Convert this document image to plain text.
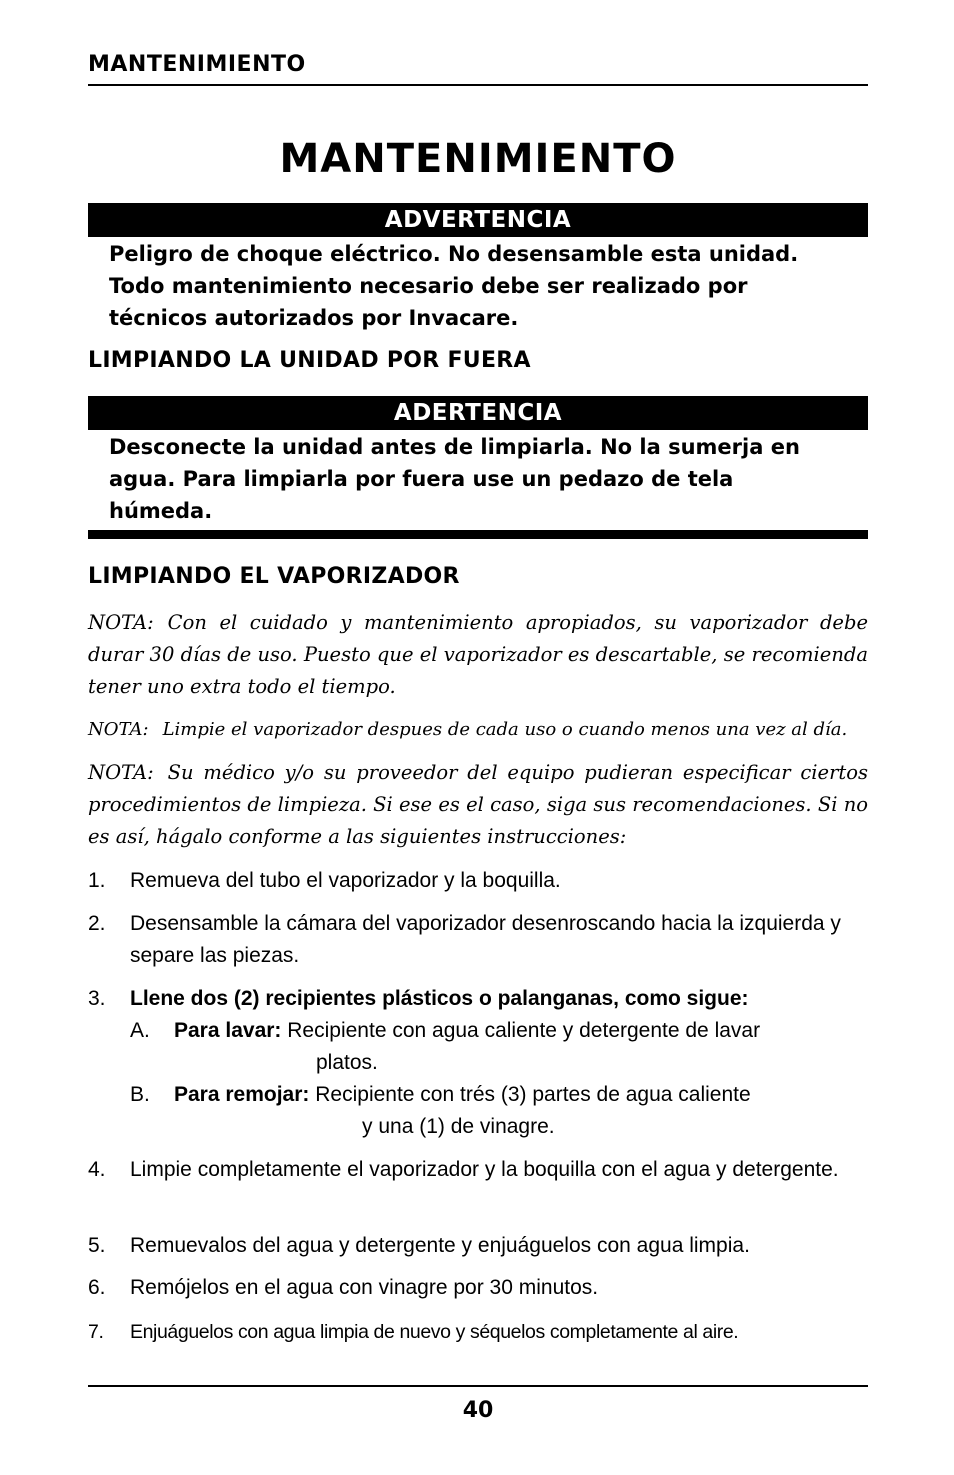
MANTENIMIENTO
MANTENIMIENTO
ADVERTENCIA
Peligro de choque eléctrico. No desensamble esta unidad.
Todo mantenimiento necesario debe ser realizado por
técnicos autorizados por Invacare.
LIMPIANDO LA UNIDAD POR FUERA
ADERTENCIA
Desconecte la unidad antes de limpiarla. No la sumerja en
agua. Para limpiarla por fuera use un pedazo de tela
húmeda.
LIMPIANDO EL VAPORIZADOR
NOTA: Con el cuidado y mantenimiento apropiados, su vaporizador debe durar 30 días de uso. Puesto que el vaporizador es descartable, se recomienda tener uno extra todo el tiempo.
NOTA: Limpie el vaporizador despues de cada uso o cuando menos una vez al día.
NOTA: Su médico y/o su proveedor del equipo pudieran especificar ciertos procedimientos de limpieza. Si ese es el caso, siga sus recomendaciones. Si no es así, hágalo conforme a las siguientes instrucciones:
1. Remueva del tubo el vaporizador y la boquilla.
2. Desensamble la cámara del vaporizador desenroscando hacia la izquierda y separe las piezas.
3. Llene dos (2) recipientes plásticos o palanganas, como sigue:
A. Para lavar: Recipiente con agua caliente y detergente de lavar
platos.
B. Para remojar: Recipiente con trés (3) partes de agua caliente
y una (1) de vinagre.
4. Limpie completamente el vaporizador y la boquilla con el agua y detergente.
5. Remuevalos del agua y detergente y enjuáguelos con agua limpia.
6. Remójelos en el agua con vinagre por 30 minutos.
7. Enjuáguelos con agua limpia de nuevo y séquelos completamente al aire.
40
